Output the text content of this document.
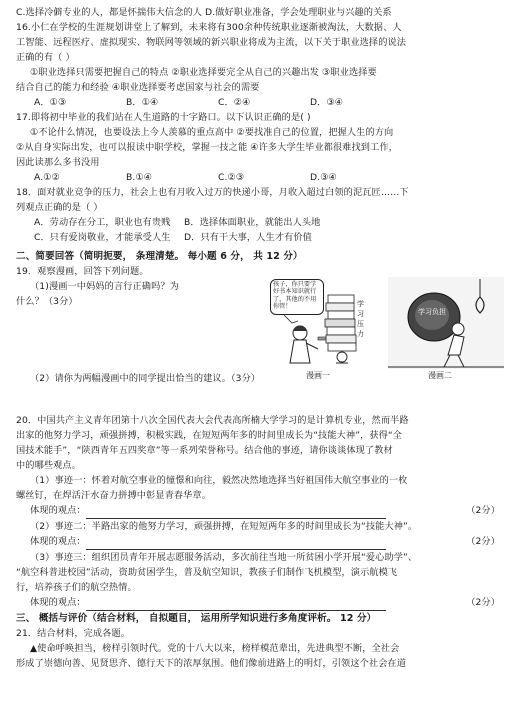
C.选择冷僻专业的人，都是怀揣伟大信念的人 D.做好职业准备，学会处理职业与兴趣的关系
16.小仁在学校的生涯规划讲堂上了解到，未来将有300余种传统职业逐渐被淘汰，大数据、人
工智能、远程医疗、虚拟现实、物联网等领域的新兴职业将成为主流，以下关于职业选择的说法
正确的有（ ）
①职业选择只需要把握自己的特点 ②职业选择要完全从自己的兴趣出发 ③职业选择要
结合自己的能力和经验 ④职业选择要考虑国家与社会的需要
A．①③	B．①④	C．②④	D．③④
17.即将初中毕业的我们站在人生道路的十字路口。以下认识正确的是( )
①不论什么情况，也要设法上今人羡慕的重点高中 ②要找准自己的位置，把握人生的方向
②从自身实际出发，也可以报读中职学校，掌握一技之能 ④许多大学生毕业都很难找到工作，
因此读那么多书没用
A.①②	B.①④	C.②③	D.③④
18．面对就业竞争的压力，社会上也有月收入过万的快递小哥，月收入超过白领的泥瓦匠……下
列观点正确的是（ ）
A．劳动存在分工，职业也有贵贱	B．选择体面职业，就能出人头地
C．只有爱岗敬业，才能承受人生	D．只有干大事，人生才有价值
二、简要回答（简明扼要， 条理清楚。 每小题 6 分， 共 12 分）
19．观察漫画，回答下列问题。
（1)漫画一中妈妈的言行正确吗？为
什么？（3分）
孩子，你只要学好书本知识就行了，其他的不用你管！	学
习
压
力
漫画一
学习负担
漫画二
（2）请你为两幅漫画中的同学提出恰当的建议。（3分）
20．中国共产主义青年团第十八次全国代表大会代表高所楠大学学习的是计算机专业，然而半路
出家的他努力学习，顽强拼搏，积极实践，在短短两年多的时间里成长为“技能大神”，获得“全
国技术能手”，“陕西青年五四奖章”等一系列荣誉称号。结合他的事迹，请你谈谈体现了教材
中的哪些观点。
（1）事迹一：怀着对航空事业的憧憬和向往，毅然决然地选择当好祖国伟大航空事业的一枚
螺丝钉，在焊活汗水奋力拼搏中彰显青春华章。
体现的观点：	（2分）
（2）事迹二：半路出家的他努力学习，顽强拼搏，在短短两年多的时间里成长为“技能大神”。
体现的观点：	（2分）
（3）事迹三：组织团员青年开展志愿服务活动，多次前往当地一所贫困小学开展“爱心助学”、
“航空科普进校园”活动，资助贫困学生，普及航空知识，教孩子们制作飞机模型，演示航模飞
行，培养孩子们的航空热情。
体现的观点：	（2分）
三、 概括与评价（结合材料， 自拟题目， 运用所学知识进行多角度评析。 12 分）
21．结合材料，完成各题。
▲使命呼唤担当，榜样引领时代。党的十八大以来，榜样模范辈出，先进典型不断，全社会
形成了崇德向善、见贤思齐、德行天下的浓厚氛围。他们像前进路上的明灯，引领这个社会在道
